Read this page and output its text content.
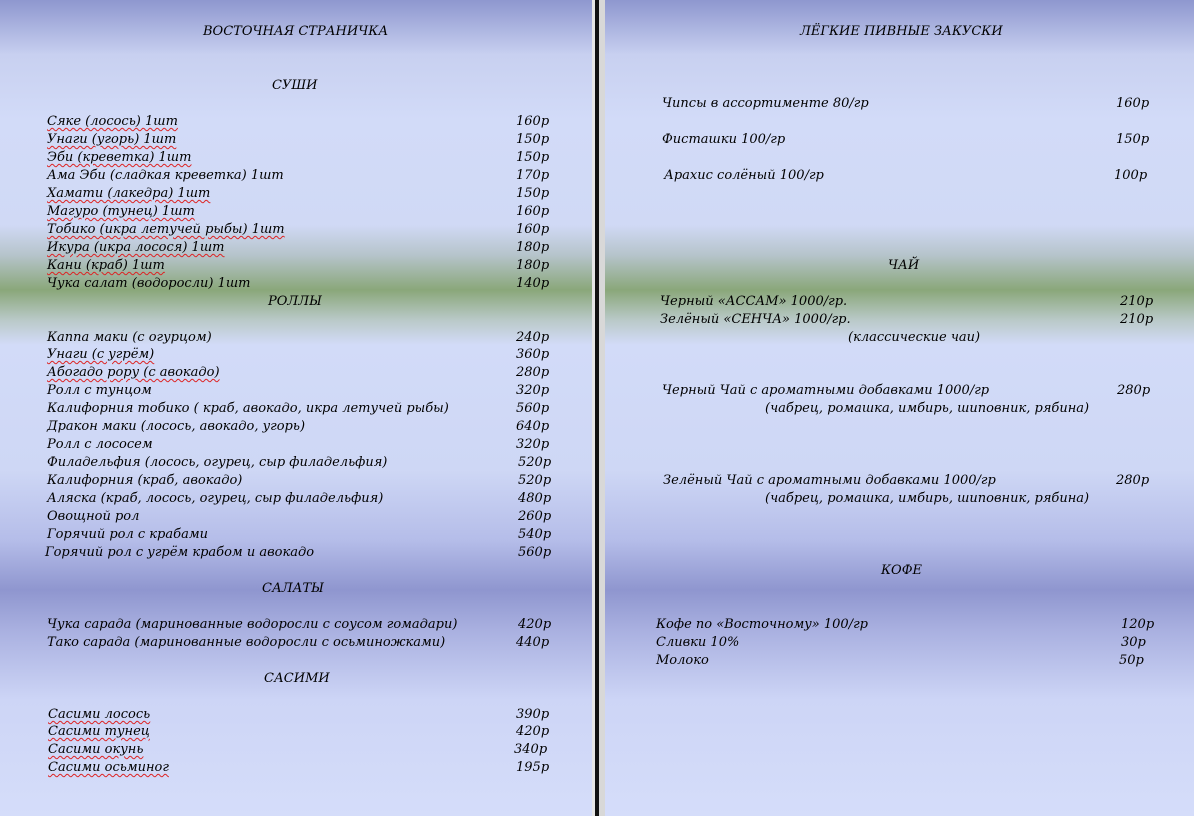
ВОСТОЧНАЯ СТРАНИЧКА
СУШИ
Сяке (лосось) 1шт	160р
Унаги (угорь) 1шт	150р
Эби (креветка) 1шт	150р
Ама Эби (сладкая креветка) 1шт	170р
Хамати (лакедра) 1шт	150р
Магуро (тунец) 1шт	160р
Тобико (икра летучей рыбы) 1шт	160р
Икура (икра лосося) 1шт	180р
Кани (краб) 1шт	180р
Чука салат (водоросли) 1шт	140р
РОЛЛЫ
Каппа маки (с огурцом)	240р
Унаги (с угрём)	360р
Абогадо рору (с авокадо)	280р
Ролл с тунцом	320р
Калифорния тобико ( краб, авокадо, икра летучей рыбы)	560р
Дракон маки (лосось, авокадо, угорь)	640р
Ролл с лососем	320р
Филадельфия (лосось, огурец, сыр филадельфия)	520р
Калифорния (краб, авокадо)	520р
Аляска (краб, лосось, огурец, сыр филадельфия)	480р
Овощной рол	260р
Горячий рол с крабами	540р
Горячий рол с угрём крабом и авокадо	560р
САЛАТЫ
Чука сарада (маринованные водоросли с соусом гомадари)	420р
Тако сарада (маринованные водоросли с осьминожками)	440р
САСИМИ
Сасими лосось	390р
Сасими тунец	420р
Сасими окунь	340р
Сасими осьминог	195р
ЛЁГКИЕ ПИВНЫЕ ЗАКУСКИ
Чипсы в ассортименте 80/гр	160р
Фисташки 100/гр	150р
Арахис солёный 100/гр	100р
ЧАЙ
Черный «АССАМ» 1000/гр.	210р
Зелёный «СЕНЧА» 1000/гр.	210р
(классические чаи)
Черный Чай с ароматными добавками 1000/гр	280р
(чабрец, ромашка, имбирь, шиповник, рябина)
Зелёный Чай с ароматными добавками 1000/гр	280р
(чабрец, ромашка, имбирь, шиповник, рябина)
КОФЕ
Кофе по «Восточному» 100/гр	120р
Сливки 10%	30р
Молоко	50р
